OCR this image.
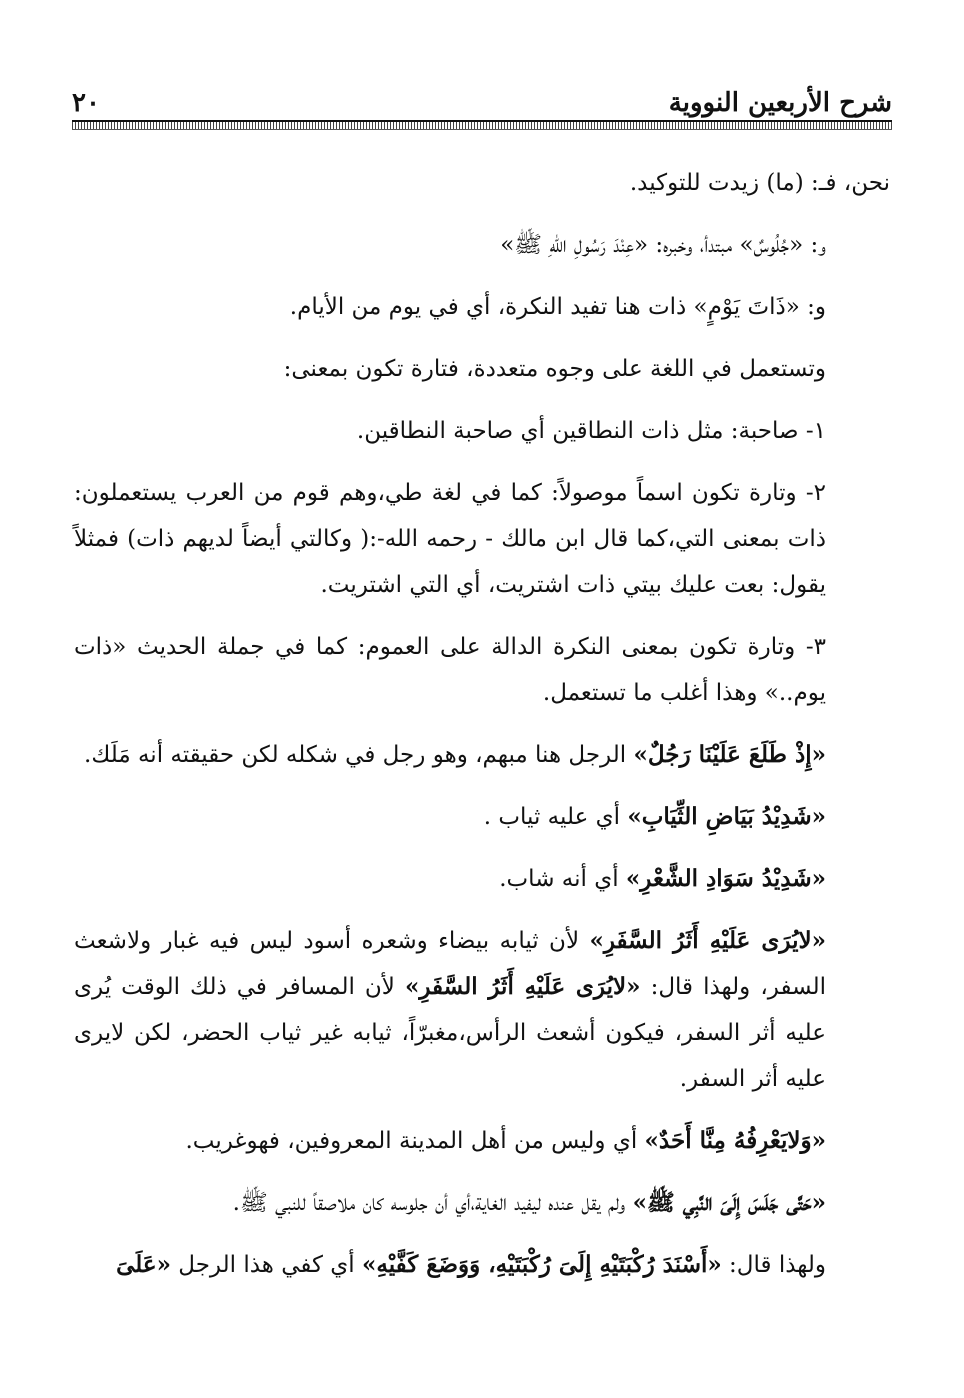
شرح الأربعين النووية
٢٠

نحن، فـ: (ما) زيدت للتوكيد.

و: «جُلُوسٌ» مبتدأ، وخبره: «عِنْدَ رَسُولِ اللهِ ﷺ»

و: «ذَاتَ يَوْمٍ» ذات هنا تفيد النكرة، أي في يوم من الأيام.

وتستعمل في اللغة على وجوه متعددة، فتارة تكون بمعنى:

١- صاحبة: مثل ذات النطاقين أي صاحبة النطاقين.

٢- وتارة تكون اسماً موصولاً: كما في لغة طي،وهم قوم من العرب يستعملون: ذات بمعنى التي،كما قال ابن مالك - رحمه الله-:( وكالتي أيضاً لديهم ذات) فمثلاً يقول: بعت عليك بيتي ذات اشتريت، أي التي اشتريت.

٣- وتارة تكون بمعنى النكرة الدالة على العموم: كما في جملة الحديث «ذات يوم..» وهذا أغلب ما تستعمل.

«إِذْ طَلَعَ عَلَيْنَا رَجُلٌ» الرجل هنا مبهم، وهو رجل في شكله لكن حقيقته أنه مَلَك.

«شَدِيْدُ بَيَاضِ الثِّيَابِ» أي عليه ثياب .

«شَدِيْدُ سَوَادِ الشَّعْرِ» أي أنه شاب.

«لايُرَى عَلَيْهِ أَثَرُ السَّفَرِ» لأن ثيابه بيضاء وشعره أسود ليس فيه غبار ولاشعث السفر، ولهذا قال: «لايُرَى عَلَيْهِ أَثَرُ السَّفَرِ» لأن المسافر في ذلك الوقت يُرى عليه أثر السفر، فيكون أشعث الرأس،مغبرّاً، ثيابه غير ثياب الحضر، لكن لايرى عليه أثر السفر.

«وَلايَعْرِفُهُ مِنَّا أَحَدٌ» أي وليس من أهل المدينة المعروفين، فهوغريب.

«حَتَّى جَلَسَ إِلَىَ النَّبِي ﷺ» ولم يقل عنده ليفيد الغاية،أي أن جلوسه كان ملاصقاً للنبي ﷺ.

ولهذا قال: «أَسْنَدَ رُكْبَتَيْهِ إِلَىَ رُكْبَتَيْهِ، وَوَضَعَ كَفَّيْهِ» أي كفي هذا الرجل «عَلَىَ
